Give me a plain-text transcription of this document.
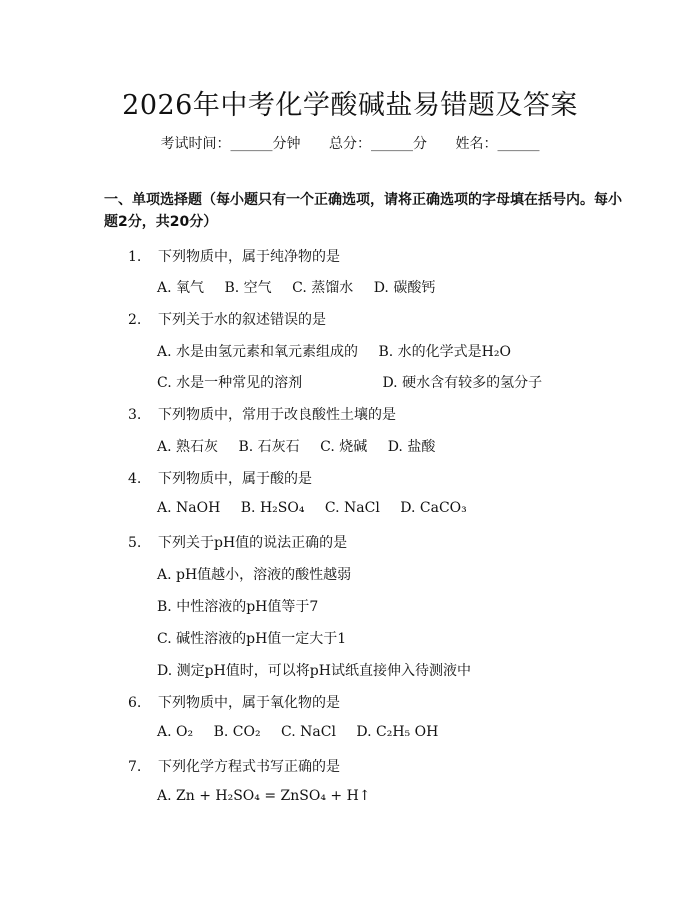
2026年中考化学酸碱盐易错题及答案
考试时间：______分钟 总分：______分 姓名：______
一、单项选择题（每小题只有一个正确选项，请将正确选项的字母填在括号内。每小题2分，共20分）
1. 下列物质中，属于纯净物的是
A. 氧气 B. 空气 C. 蒸馏水 D. 碳酸钙
2. 下列关于水的叙述错误的是
A. 水是由氢元素和氧元素组成的 B. 水的化学式是H₂O
C. 水是一种常见的溶剂	D. 硬水含有较多的氢分子
3. 下列物质中，常用于改良酸性土壤的是
A. 熟石灰 B. 石灰石 C. 烧碱 D. 盐酸
4. 下列物质中，属于酸的是
A. NaOH B. H₂SO₄ C. NaCl D. CaCO₃
5. 下列关于pH值的说法正确的是
A. pH值越小，溶液的酸性越弱
B. 中性溶液的pH值等于7
C. 碱性溶液的pH值一定大于1
D. 测定pH值时，可以将pH试纸直接伸入待测液中
6. 下列物质中，属于氧化物的是
A. O₂ B. CO₂ C. NaCl D. C₂H₅ OH
7. 下列化学方程式书写正确的是
A. Zn + H₂SO₄ = ZnSO₄ + H↑
